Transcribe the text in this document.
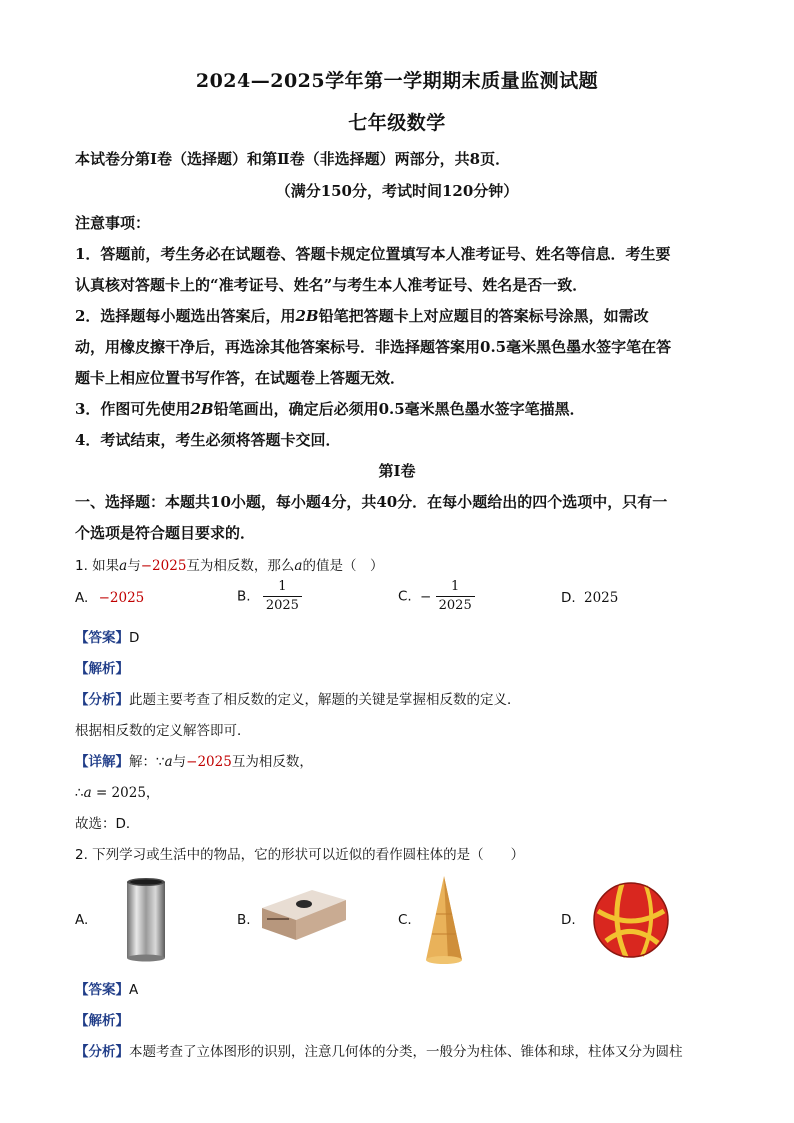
2024—2025学年第一学期期末质量监测试题
七年级数学
本试卷分第Ⅰ卷（选择题）和第Ⅱ卷（非选择题）两部分，共8页．
（满分150分，考试时间120分钟）
注意事项：
1．答题前，考生务必在试题卷、答题卡规定位置填写本人准考证号、姓名等信息．考生要
认真核对答题卡上的“准考证号、姓名”与考生本人准考证号、姓名是否一致．
2．选择题每小题选出答案后，用2B铅笔把答题卡上对应题目的答案标号涂黑，如需改
动，用橡皮擦干净后，再选涂其他答案标号．非选择题答案用0.5毫米黑色墨水签字笔在答
题卡上相应位置书写作答，在试题卷上答题无效．
3．作图可先使用2B铅笔画出，确定后必须用0.5毫米黑色墨水签字笔描黑．
4．考试结束，考生必须将答题卡交回．
第Ⅰ卷
一、选择题：本题共10小题，每小题4分，共40分．在每小题给出的四个选项中，只有一
个选项是符合题目要求的．
1. 如果a与−2025互为相反数，那么a的值是（　）
A. −2025	B. $\frac{1}{2025}$	C. − $\frac{1}{2025}$	D. 2025
【答案】D
【解析】
【分析】此题主要考查了相反数的定义，解题的关键是掌握相反数的定义．
根据相反数的定义解答即可．
【详解】解：∵a与−2025互为相反数，
∴a = 2025，
故选：D．
2. 下列学习或生活中的物品，它的形状可以近似的看作圆柱体的是（　　）
A.	B.	C.	D.
【答案】A
【解析】
【分析】本题考查了立体图形的识别，注意几何体的分类，一般分为柱体、锥体和球，柱体又分为圆柱
